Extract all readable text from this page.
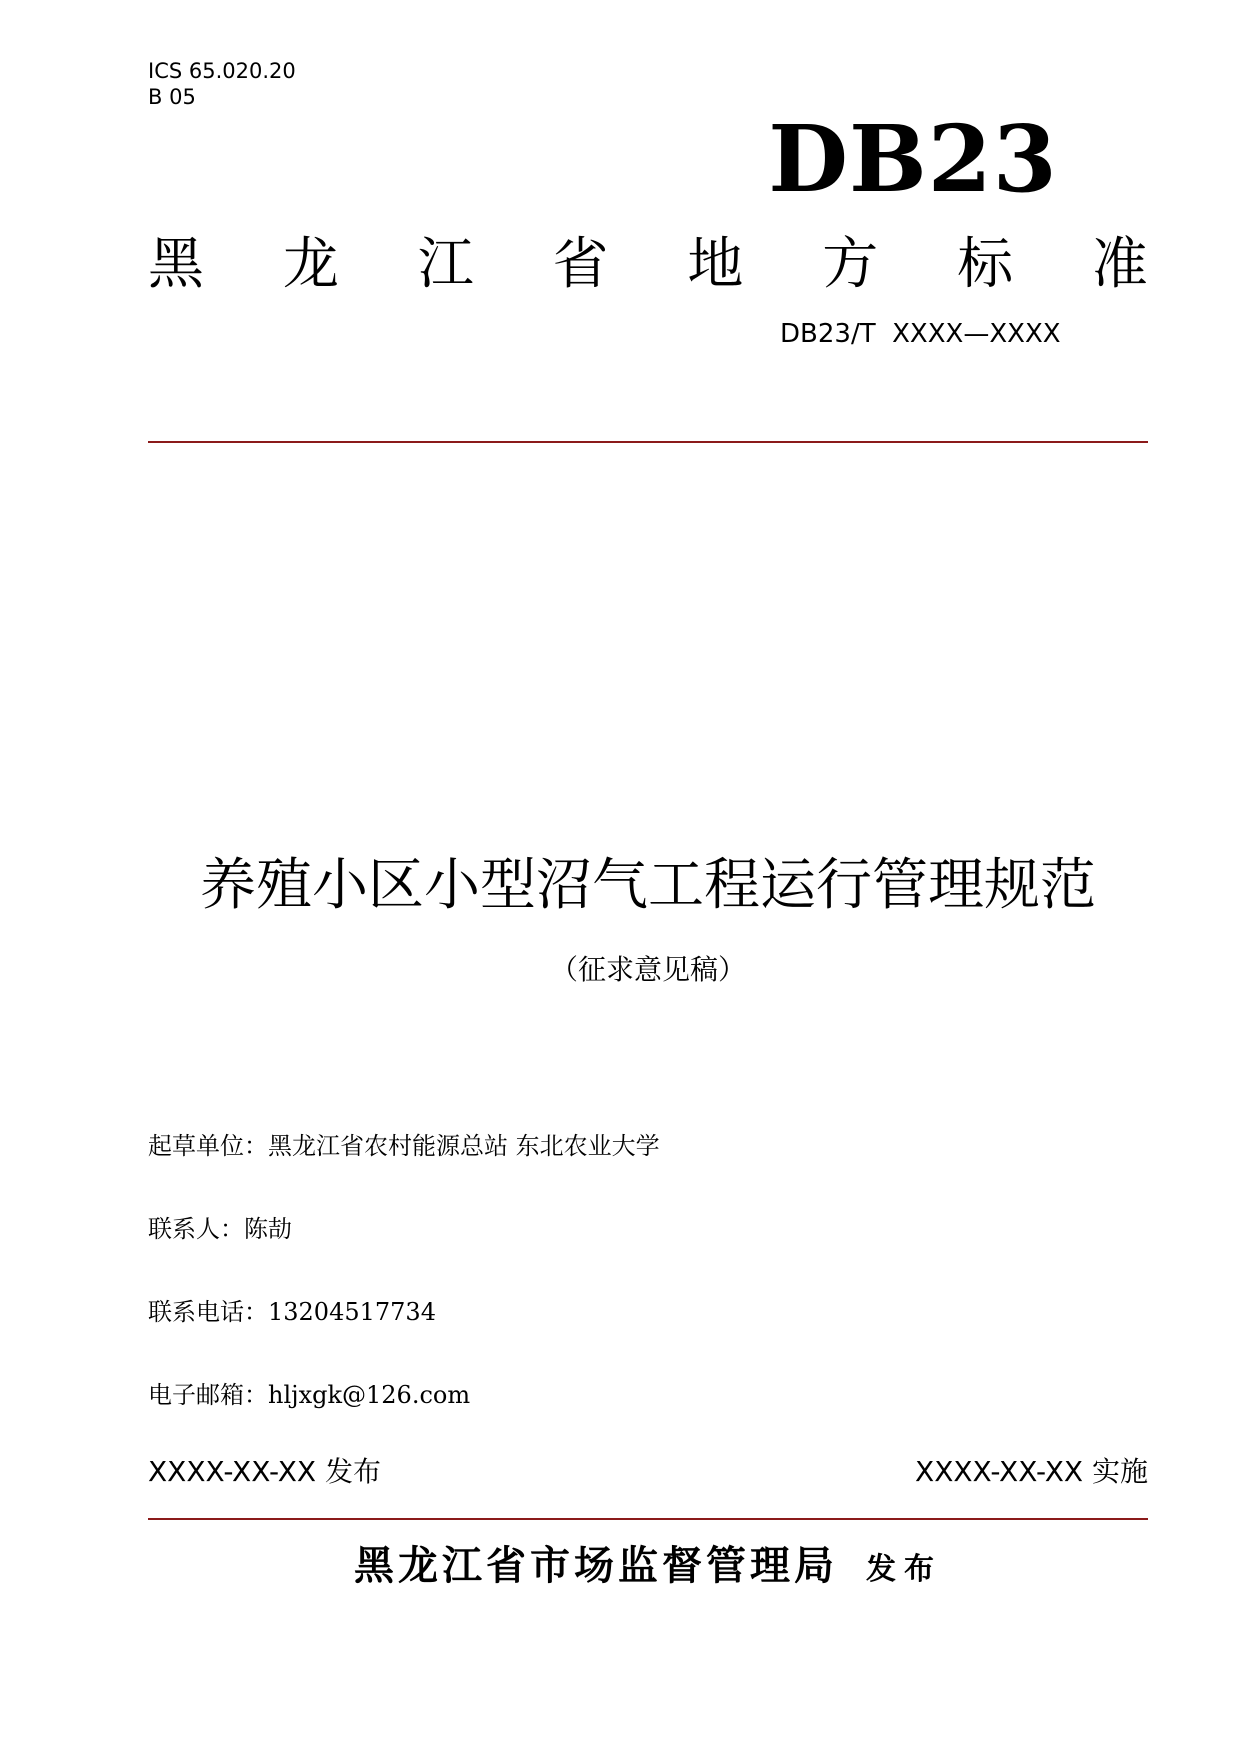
ICS 65.020.20
B 05
DB23
黑 龙 江 省 地 方 标 准
DB23/T  XXXX—XXXX
养殖小区小型沼气工程运行管理规范
（征求意见稿）
起草单位：黑龙江省农村能源总站 东北农业大学
联系人：陈劼
联系电话：13204517734
电子邮箱：hljxgk@126.com
XXXX-XX-XX 发布	XXXX-XX-XX 实施
黑龙江省市场监督管理局 发布
